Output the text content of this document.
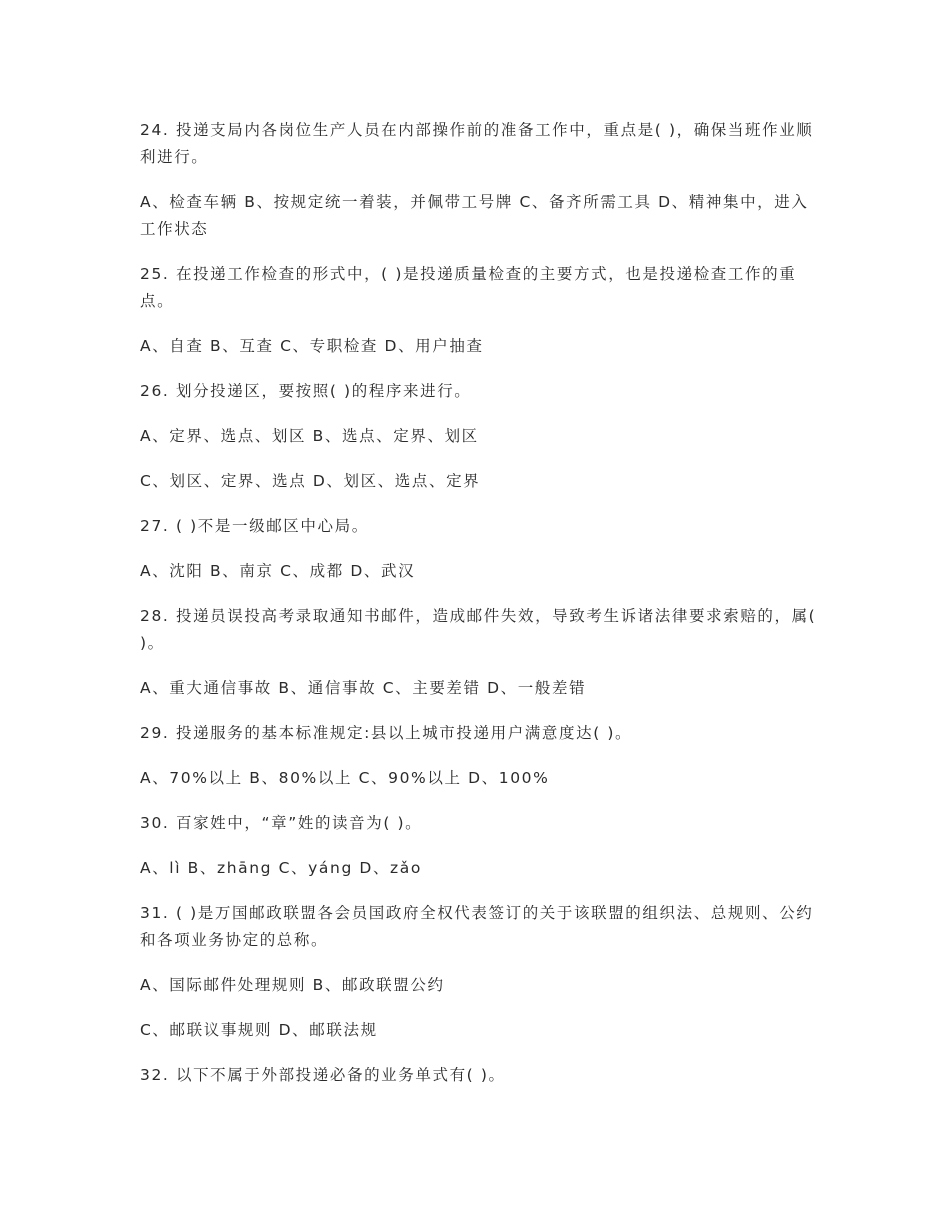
24. 投递支局内各岗位生产人员在内部操作前的准备工作中，重点是( )，确保当班作业顺利进行。

A、检查车辆 B、按规定统一着装，并佩带工号牌 C、备齐所需工具 D、精神集中，进入工作状态

25. 在投递工作检查的形式中，( )是投递质量检查的主要方式，也是投递检查工作的重点。

A、自查 B、互查 C、专职检查 D、用户抽查

26. 划分投递区，要按照( )的程序来进行。

A、定界、选点、划区 B、选点、定界、划区

C、划区、定界、选点 D、划区、选点、定界

27. ( )不是一级邮区中心局。

A、沈阳 B、南京 C、成都 D、武汉

28. 投递员误投高考录取通知书邮件，造成邮件失效，导致考生诉诸法律要求索赔的，属( )。

A、重大通信事故 B、通信事故 C、主要差错 D、一般差错

29. 投递服务的基本标准规定:县以上城市投递用户满意度达( )。

A、70%以上 B、80%以上 C、90%以上 D、100%

30. 百家姓中，“章”姓的读音为( )。

A、lì B、zhāng C、yáng D、zǎo

31. ( )是万国邮政联盟各会员国政府全权代表签订的关于该联盟的组织法、总规则、公约和各项业务协定的总称。

A、国际邮件处理规则 B、邮政联盟公约

C、邮联议事规则 D、邮联法规

32. 以下不属于外部投递必备的业务单式有( )。
